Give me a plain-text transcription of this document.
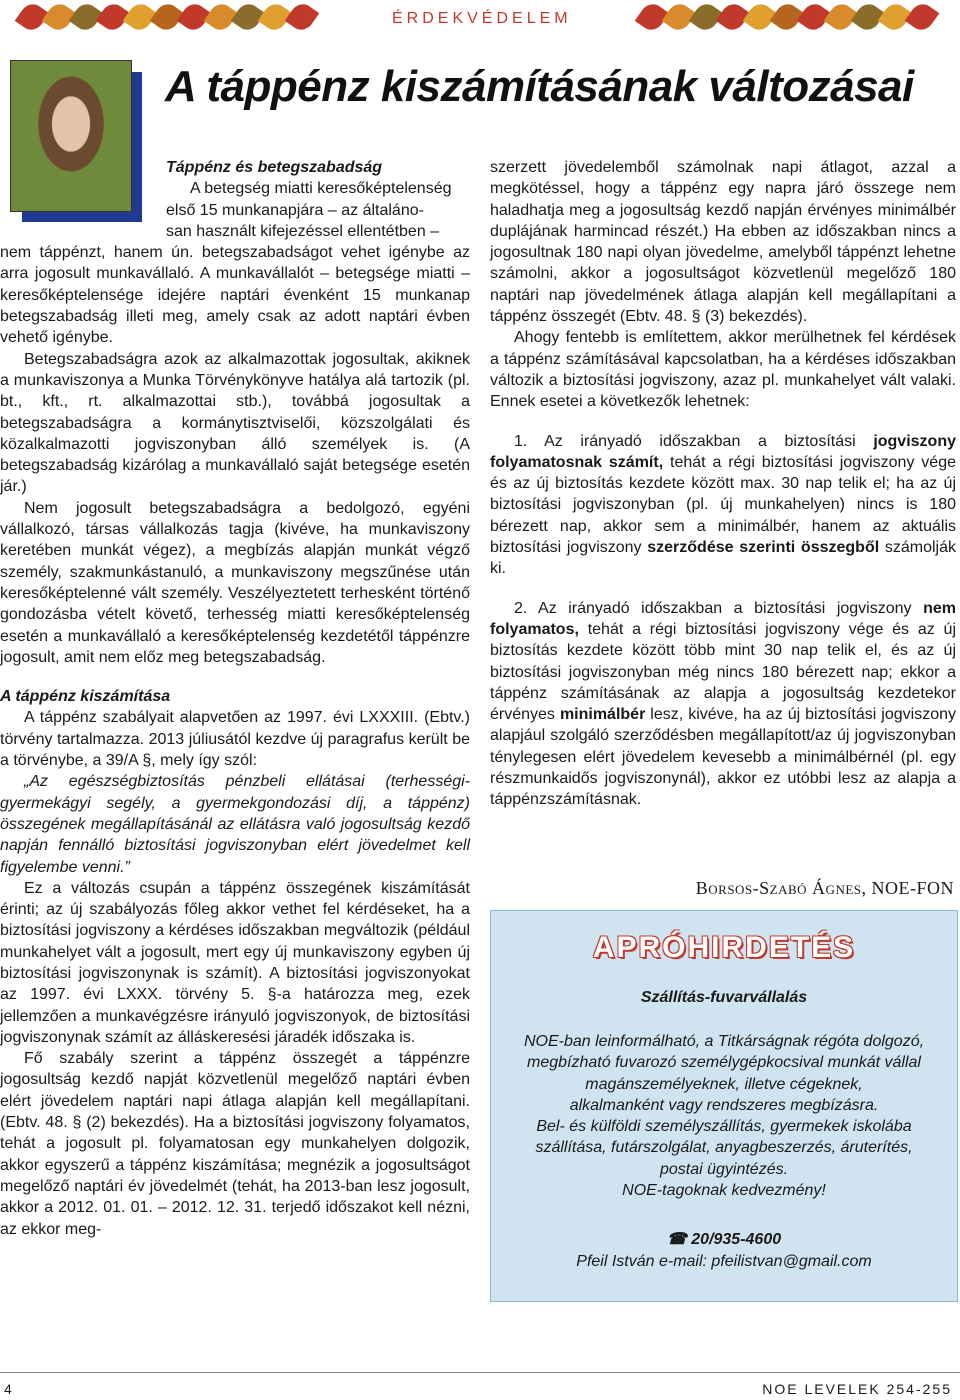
ÉRDEKVÉDELEM
A táppénz kiszámításának változásai
Táppénz és betegszabadság
A betegség miatti keresőképtelenség
első 15 munkanapjára – az általáno-
san használt kifejezéssel ellentétben –

nem táppénzt, hanem ún. betegszabadságot vehet igénybe az arra jogosult munkavállaló. A munkavállalót – betegsége miatti – keresőképtelensége idejére naptári évenként 15 munkanap betegszabadság illeti meg, amely csak az adott naptári évben vehető igénybe.

Betegszabadságra azok az alkalmazottak jogosultak, akiknek a munkaviszonya a Munka Törvénykönyve hatálya alá tartozik (pl. bt., kft., rt. alkalmazottai stb.), továbbá jogosultak a betegszabadságra a kormánytisztviselői, közszolgálati és közalkalmazotti jogviszonyban álló személyek is. (A betegszabadság kizárólag a munkavállaló saját betegsége esetén jár.)

Nem jogosult betegszabadságra a bedolgozó, egyéni vállalkozó, társas vállalkozás tagja (kivéve, ha munkaviszony keretében munkát végez), a megbízás alapján munkát végző személy, szakmunkástanuló, a munkaviszony megszűnése után keresőképtelenné vált személy. Veszélyeztetett terhesként történő gondozásba vételt követő, terhesség miatti keresőképtelenség esetén a munkavállaló a keresőképtelenség kezdetétől táppénzre jogosult, amit nem előz meg betegszabadság.

A táppénz kiszámítása

A táppénz szabályait alapvetően az 1997. évi LXXXIII. (Ebtv.) törvény tartalmazza. 2013 júliusától kezdve új paragrafus került be a törvénybe, a 39/A §, mely így szól:

„Az egészségbiztosítás pénzbeli ellátásai (terhességi-gyermekágyi segély, a gyermekgondozási díj, a táppénz) összegének megállapításánál az ellátásra való jogosultság kezdő napján fennálló biztosítási jogviszonyban elért jövedelmet kell figyelembe venni.”

Ez a változás csupán a táppénz összegének kiszámítását érinti; az új szabályozás főleg akkor vethet fel kérdéseket, ha a biztosítási jogviszony a kérdéses időszakban megváltozik (például munkahelyet vált a jogosult, mert egy új munkaviszony egyben új biztosítási jogviszonynak is számít). A biztosítási jogviszonyokat az 1997. évi LXXX. törvény 5. §-a határozza meg, ezek jellemzően a munkavégzésre irányuló jogviszonyok, de biztosítási jogviszonynak számít az álláskeresési járadék időszaka is.

Fő szabály szerint a táppénz összegét a táppénzre jogosultság kezdő napját közvetlenül megelőző naptári évben elért jövedelem naptári napi átlaga alapján kell megállapítani. (Ebtv. 48. § (2) bekezdés). Ha a biztosítási jogviszony folyamatos, tehát a jogosult pl. folyamatosan egy munkahelyen dolgozik, akkor egyszerű a táppénz kiszámítása; megnézik a jogosultságot megelőző naptári év jövedelmét (tehát, ha 2013-ban lesz jogosult, akkor a 2012. 01. 01. – 2012. 12. 31. terjedő időszakot kell nézni, az ekkor meg-

szerzett jövedelemből számolnak napi átlagot, azzal a megkötéssel, hogy a táppénz egy napra járó összege nem haladhatja meg a jogosultság kezdő napján érvényes minimálbér duplájának harmincad részét.) Ha ebben az időszakban nincs a jogosultnak 180 napi olyan jövedelme, amelyből táppénzt lehetne számolni, akkor a jogosultságot közvetlenül megelőző 180 naptári nap jövedelmének átlaga alapján kell megállapítani a táppénz összegét (Ebtv. 48. § (3) bekezdés).

Ahogy fentebb is említettem, akkor merülhetnek fel kérdések a táppénz számításával kapcsolatban, ha a kérdéses időszakban változik a biztosítási jogviszony, azaz pl. munkahelyet vált valaki. Ennek esetei a következők lehetnek:

1. Az irányadó időszakban a biztosítási jogviszony folyamatosnak számít, tehát a régi biztosítási jogviszony vége és az új biztosítás kezdete között max. 30 nap telik el; ha az új biztosítási jogviszonyban (pl. új munkahelyen) nincs is 180 bérezett nap, akkor sem a minimálbér, hanem az aktuális biztosítási jogviszony szerződése szerinti összegből számolják ki.

2. Az irányadó időszakban a biztosítási jogviszony nem folyamatos, tehát a régi biztosítási jogviszony vége és az új biztosítás kezdete között több mint 30 nap telik el, és az új biztosítási jogviszonyban még nincs 180 bérezett nap; ekkor a táppénz számításának az alapja a jogosultság kezdetekor érvényes minimálbér lesz, kivéve, ha az új biztosítási jogviszony alapjául szolgáló szerződésben megállapított/az új jogviszonyban ténylegesen elért jövedelem kevesebb a minimálbérnél (pl. egy részmunkaidős jogviszonynál), akkor ez utóbbi lesz az alapja a táppénzszámításnak.

Borsos-Szabó Ágnes, NOE-FON
APRÓHIRDETÉS
Szállítás-fuvarvállalás
NOE-ban leinformálható, a Titkárságnak régóta dolgozó,
megbízható fuvarozó személygépkocsival munkát vállal
magánszemélyeknek, illetve cégeknek,
alkalmanként vagy rendszeres megbízásra.
Bel- és külföldi személyszállítás, gyermekek iskolába
szállítása, futárszolgálat, anyagbeszerzés, áruterítés,
postai ügyintézés.
NOE-tagoknak kedvezmény!
☎ 20/935-4600
Pfeil István e-mail: pfeilistvan@gmail.com
4	NOE LEVELEK 254-255
